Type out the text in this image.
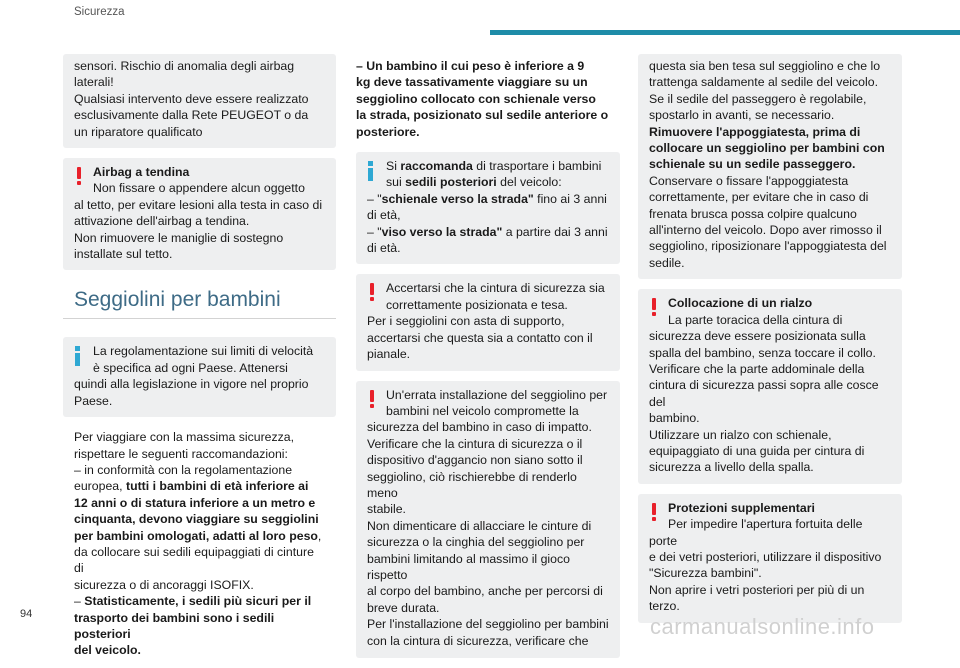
Sicurezza
sensori. Rischio di anomalia degli airbag
laterali!
Qualsiasi intervento deve essere realizzato
esclusivamente dalla Rete PEUGEOT o da
un riparatore qualificato
Airbag a tendina
Non fissare o appendere alcun oggetto
al tetto, per evitare lesioni alla testa in caso di
attivazione dell'airbag a tendina.
Non rimuovere le maniglie di sostegno
installate sul tetto.
Seggiolini per bambini
La regolamentazione sui limiti di velocità
è specifica ad ogni Paese. Attenersi
quindi alla legislazione in vigore nel proprio
Paese.
Per viaggiare con la massima sicurezza,
rispettare le seguenti raccomandazioni:
– in conformità con la regolamentazione
europea, tutti i bambini di età inferiore ai
12 anni o di statura inferiore a un metro e
cinquanta, devono viaggiare su seggiolini
per bambini omologati, adatti al loro peso,
da collocare sui sedili equipaggiati di cinture di
sicurezza o di ancoraggi ISOFIX.
– Statisticamente, i sedili più sicuri per il
trasporto dei bambini sono i sedili posteriori
del veicolo.
– Un bambino il cui peso è inferiore a 9
kg deve tassativamente viaggiare su un
seggiolino collocato con schienale verso
la strada, posizionato sul sedile anteriore o
posteriore.
Si raccomanda di trasportare i bambini
sui sedili posteriori del veicolo:
– "schienale verso la strada" fino ai 3 anni
di età,
– "viso verso la strada" a partire dai 3 anni
di età.
Accertarsi che la cintura di sicurezza sia
correttamente posizionata e tesa.
Per i seggiolini con asta di supporto,
accertarsi che questa sia a contatto con il
pianale.
Un'errata installazione del seggiolino per
bambini nel veicolo compromette la
sicurezza del bambino in caso di impatto.
Verificare che la cintura di sicurezza o il
dispositivo d'aggancio non siano sotto il
seggiolino, ciò rischierebbe di renderlo meno
stabile.
Non dimenticare di allacciare le cinture di
sicurezza o la cinghia del seggiolino per
bambini limitando al massimo il gioco rispetto
al corpo del bambino, anche per percorsi di
breve durata.
Per l'installazione del seggiolino per bambini
con la cintura di sicurezza, verificare che
questa sia ben tesa sul seggiolino e che lo
trattenga saldamente al sedile del veicolo.
Se il sedile del passeggero è regolabile,
spostarlo in avanti, se necessario.
Rimuovere l'appoggiatesta, prima di
collocare un seggiolino per bambini con
schienale su un sedile passeggero.
Conservare o fissare l'appoggiatesta
correttamente, per evitare che in caso di
frenata brusca possa colpire qualcuno
all'interno del veicolo. Dopo aver rimosso il
seggiolino, riposizionare l'appoggiatesta del
sedile.
Collocazione di un rialzo
La parte toracica della cintura di
sicurezza deve essere posizionata sulla
spalla del bambino, senza toccare il collo.
Verificare che la parte addominale della
cintura di sicurezza passi sopra alle cosce del
bambino.
Utilizzare un rialzo con schienale,
equipaggiato di una guida per cintura di
sicurezza a livello della spalla.
Protezioni supplementari
Per impedire l'apertura fortuita delle porte
e dei vetri posteriori, utilizzare il dispositivo
"Sicurezza bambini".
Non aprire i vetri posteriori per più di un terzo.
94	carmanualsonline.info
